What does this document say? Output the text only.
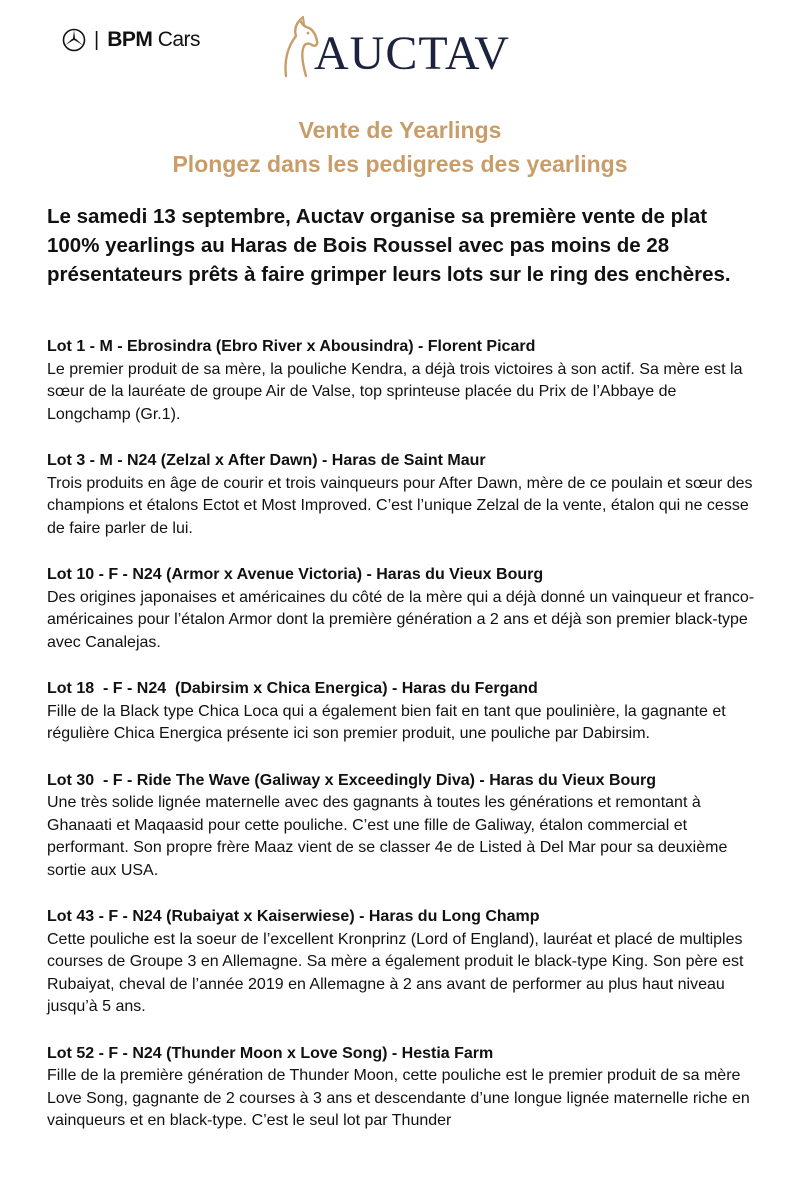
| BPM Cars AUCTAV
Vente de Yearlings
Plongez dans les pedigrees des yearlings
Le samedi 13 septembre, Auctav organise sa première vente de plat 100% yearlings au Haras de Bois Roussel avec pas moins de 28 présentateurs prêts à faire grimper leurs lots sur le ring des enchères.
Lot 1 - M - Ebrosindra (Ebro River x Abousindra) - Florent Picard
Le premier produit de sa mère, la pouliche Kendra, a déjà trois victoires à son actif. Sa mère est la sœur de la lauréate de groupe Air de Valse, top sprinteuse placée du Prix de l’Abbaye de Longchamp (Gr.1).
Lot 3 - M - N24 (Zelzal x After Dawn) - Haras de Saint Maur
Trois produits en âge de courir et trois vainqueurs pour After Dawn, mère de ce poulain et sœur des champions et étalons Ectot et Most Improved. C’est l’unique Zelzal de la vente, étalon qui ne cesse de faire parler de lui.
Lot 10 - F - N24 (Armor x Avenue Victoria) - Haras du Vieux Bourg
Des origines japonaises et américaines du côté de la mère qui a déjà donné un vainqueur et franco-américaines pour l’étalon Armor dont la première génération a 2 ans et déjà son premier black-type avec Canalejas.
Lot 18  - F - N24  (Dabirsim x Chica Energica) - Haras du Fergand
Fille de la Black type Chica Loca qui a également bien fait en tant que poulinière, la gagnante et régulière Chica Energica présente ici son premier produit, une pouliche par Dabirsim.
Lot 30  - F - Ride The Wave (Galiway x Exceedingly Diva) - Haras du Vieux Bourg
Une très solide lignée maternelle avec des gagnants à toutes les générations et remontant à Ghanaati et Maqaasid pour cette pouliche. C’est une fille de Galiway, étalon commercial et performant. Son propre frère Maaz vient de se classer 4e de Listed à Del Mar pour sa deuxième sortie aux USA.
Lot 43 - F - N24 (Rubaiyat x Kaiserwiese) - Haras du Long Champ
Cette pouliche est la soeur de l’excellent Kronprinz (Lord of England), lauréat et placé de multiples courses de Groupe 3 en Allemagne. Sa mère a également produit le black-type King. Son père est Rubaiyat, cheval de l’année 2019 en Allemagne à 2 ans avant de performer au plus haut niveau jusqu’à 5 ans.
Lot 52 - F - N24 (Thunder Moon x Love Song) - Hestia Farm
Fille de la première génération de Thunder Moon, cette pouliche est le premier produit de sa mère Love Song, gagnante de 2 courses à 3 ans et descendante d’une longue lignée maternelle riche en vainqueurs et en black-type. C’est le seul lot par Thunder
